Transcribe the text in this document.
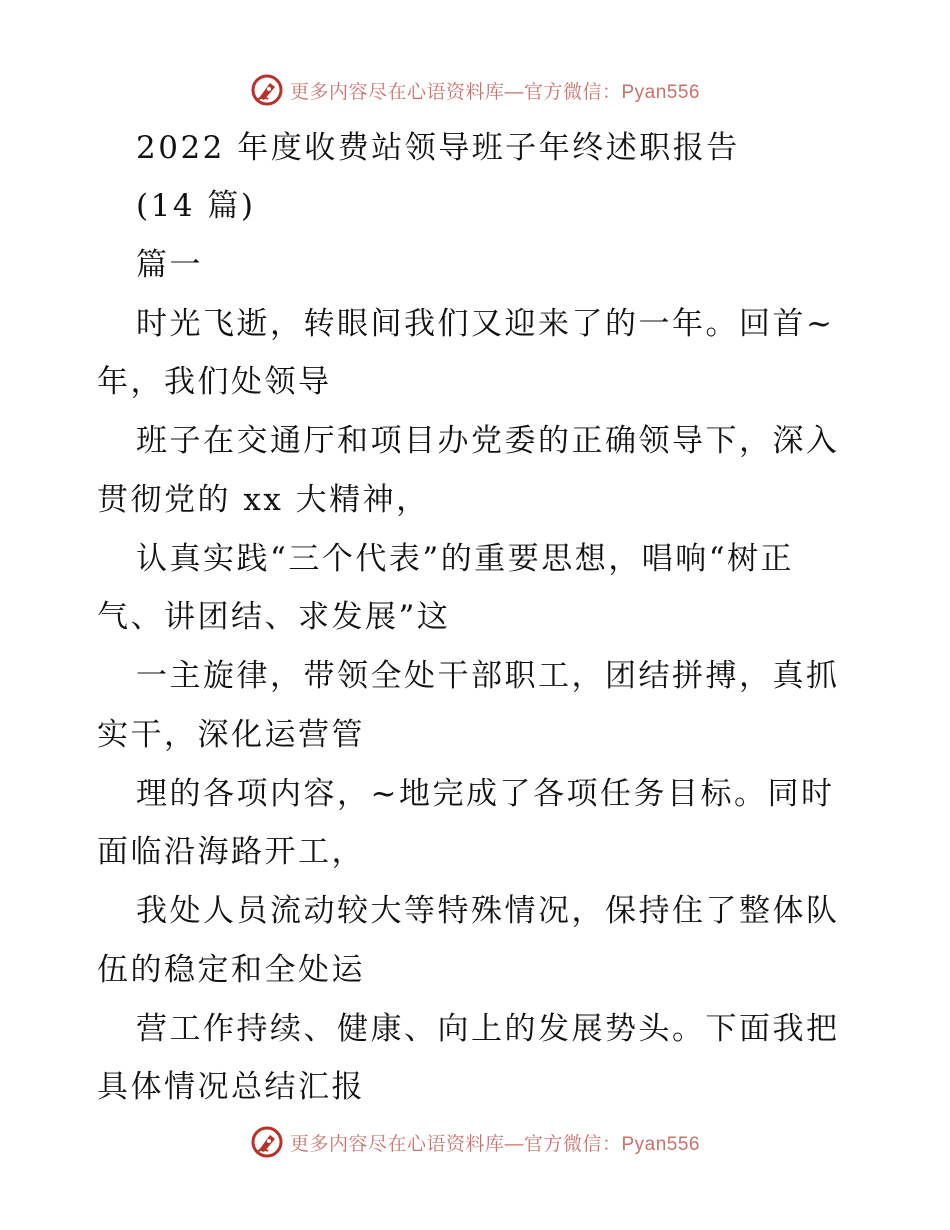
更多内容尽在心语资料库—官方微信：Pyan556
2022 年度收费站领导班子年终述职报告
(14 篇)
篇一
时光飞逝，转眼间我们又迎来了的一年。回首~
年，我们处领导
班子在交通厅和项目办党委的正确领导下，深入
贯彻党的 xx 大精神，
认真实践“三个代表”的重要思想，唱响“树正
气、讲团结、求发展”这
一主旋律，带领全处干部职工，团结拼搏，真抓
实干，深化运营管
理的各项内容，~地完成了各项任务目标。同时
面临沿海路开工，
我处人员流动较大等特殊情况，保持住了整体队
伍的稳定和全处运
营工作持续、健康、向上的发展势头。下面我把
具体情况总结汇报
更多内容尽在心语资料库—官方微信：Pyan556
